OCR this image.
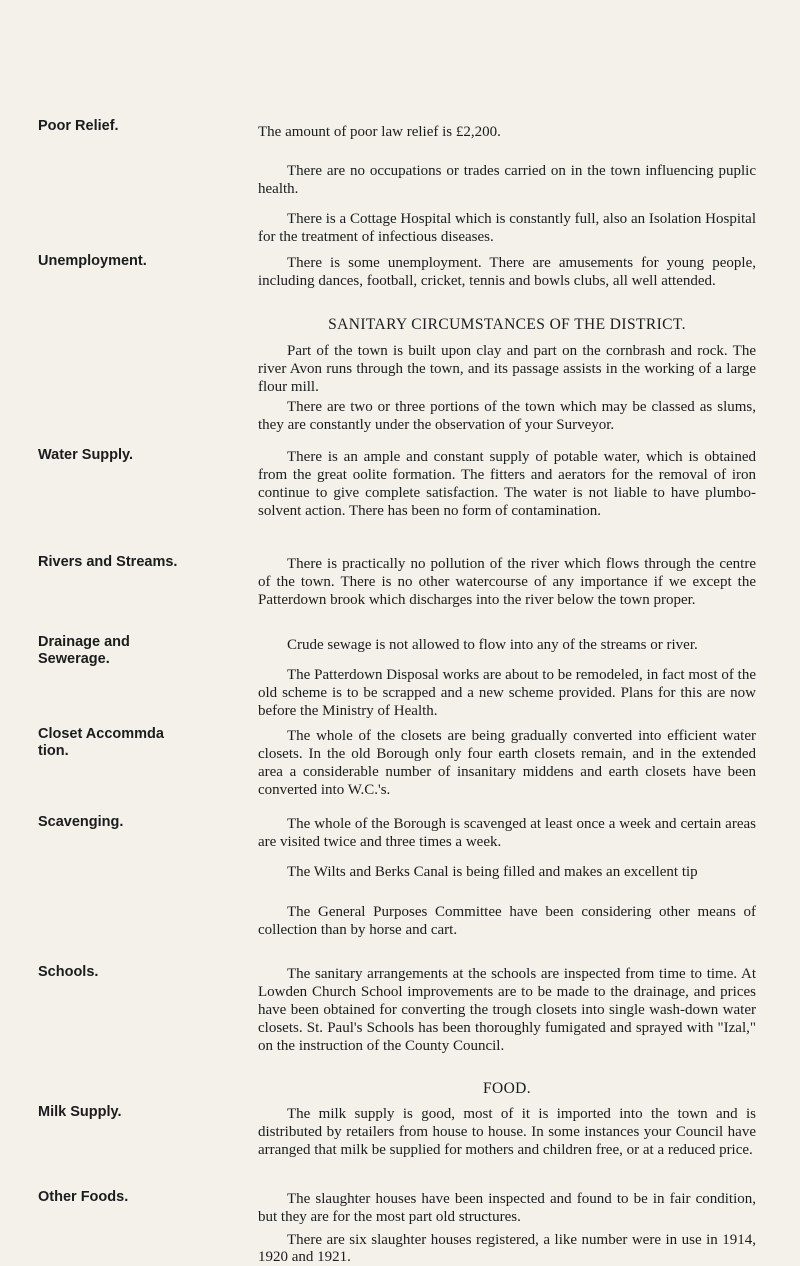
Poor Relief.
Unemployment.
Water Supply.
Rivers and Streams.
Drainage and Sewerage.
Closet Accommda tion.
Scavenging.
Schools.
Milk Supply.
Other Foods.
The amount of poor law relief is £2,200.
There are no occupations or trades carried on in the town influencing puplic health.
There is a Cottage Hospital which is constantly full, also an Isolation Hospital for the treatment of infectious diseases.
There is some unemployment. There are amusements for young people, including dances, football, cricket, tennis and bowls clubs, all well attended.
SANITARY CIRCUMSTANCES OF THE DISTRICT.
Part of the town is built upon clay and part on the cornbrash and rock. The river Avon runs through the town, and its passage assists in the working of a large flour mill.
There are two or three portions of the town which may be classed as slums, they are constantly under the observation of your Surveyor.
There is an ample and constant supply of potable water, which is obtained from the great oolite formation. The fitters and aerators for the removal of iron continue to give complete satisfaction. The water is not liable to have plumbo-solvent action. There has been no form of contamination.
There is practically no pollution of the river which flows through the centre of the town. There is no other watercourse of any importance if we except the Patterdown brook which discharges into the river below the town proper.
Crude sewage is not allowed to flow into any of the streams or river.
The Patterdown Disposal works are about to be remodeled, in fact most of the old scheme is to be scrapped and a new scheme provided. Plans for this are now before the Ministry of Health.
The whole of the closets are being gradually converted into efficient water closets. In the old Borough only four earth closets remain, and in the extended area a considerable number of insanitary middens and earth closets have been converted into W.C.'s.
The whole of the Borough is scavenged at least once a week and certain areas are visited twice and three times a week.
The Wilts and Berks Canal is being filled and makes an excellent tip
The General Purposes Committee have been considering other means of collection than by horse and cart.
The sanitary arrangements at the schools are inspected from time to time. At Lowden Church School improvements are to be made to the drainage, and prices have been obtained for converting the trough closets into single wash-down water closets. St. Paul's Schools has been thoroughly fumigated and sprayed with "Izal," on the instruction of the County Council.
FOOD.
The milk supply is good, most of it is imported into the town and is distributed by retailers from house to house. In some instances your Council have arranged that milk be supplied for mothers and children free, or at a reduced price.
The slaughter houses have been inspected and found to be in fair condition, but they are for the most part old structures.
There are six slaughter houses registered, a like number were in use in 1914, 1920 and 1921.
